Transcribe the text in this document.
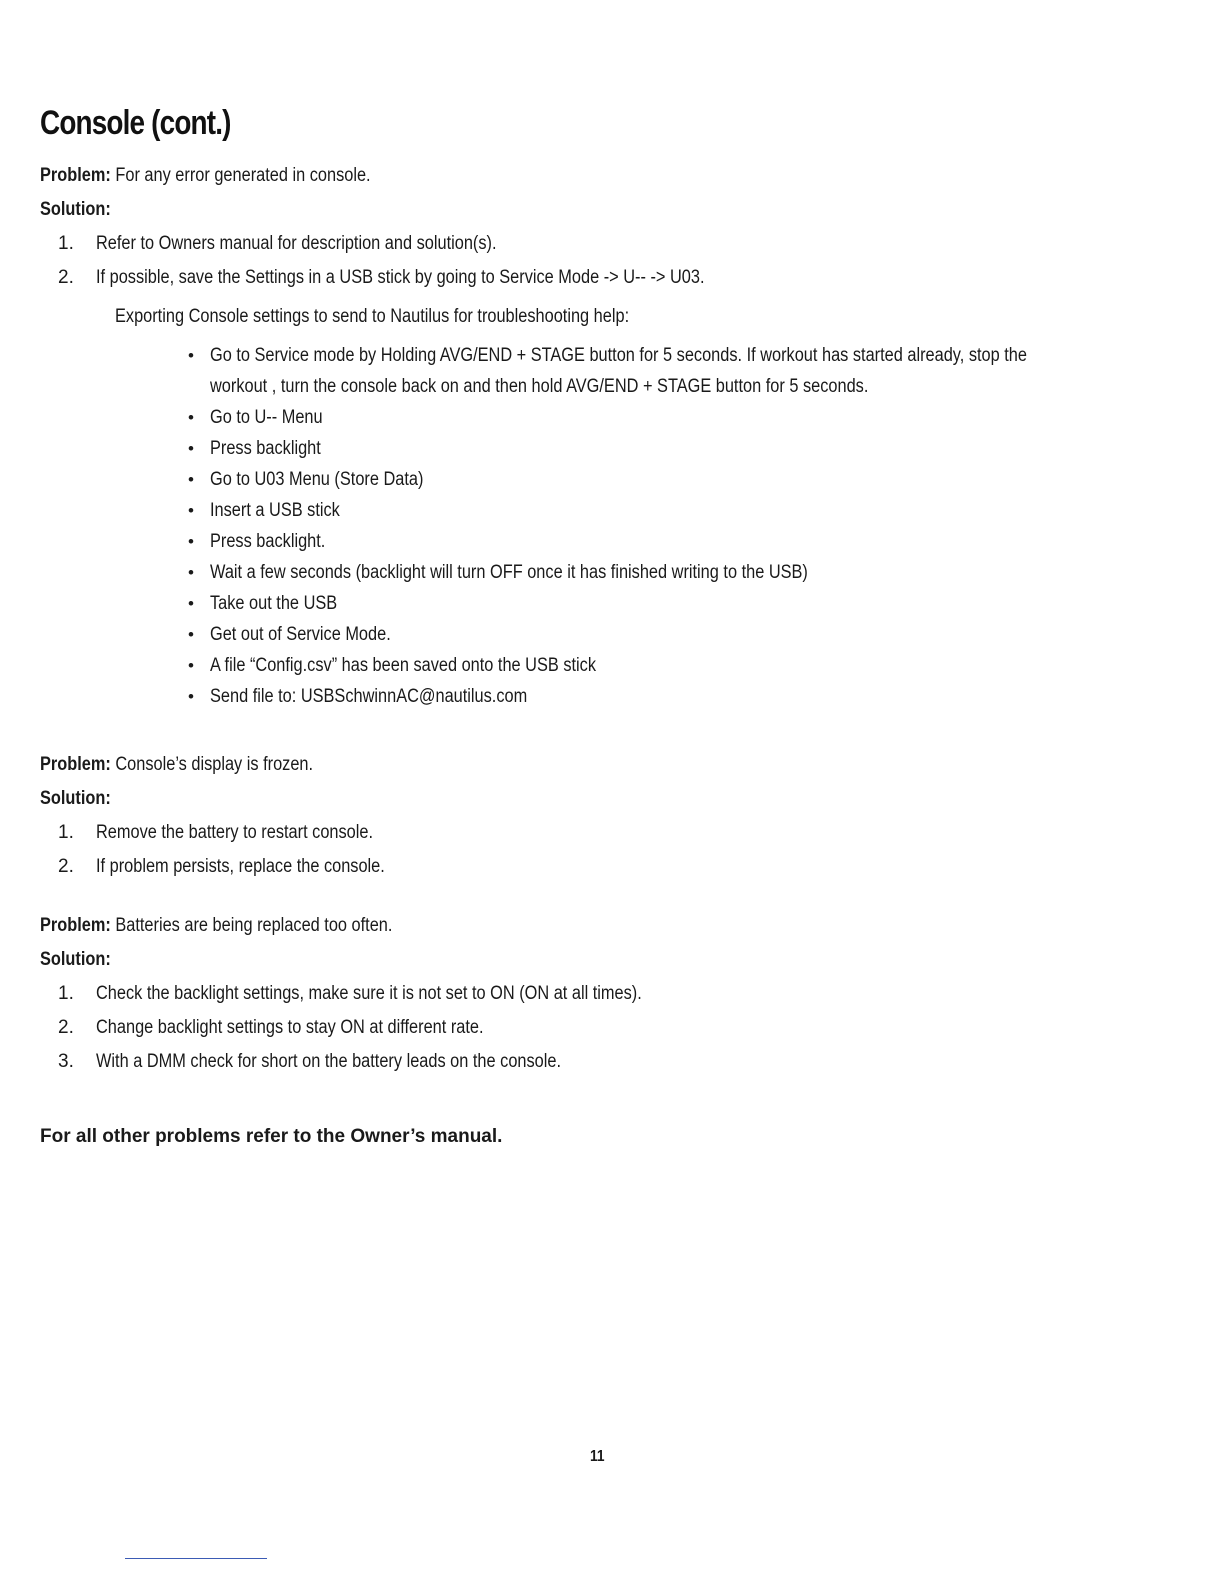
Console (cont.)
Problem: For any error generated in console.
Solution:
1. Refer to Owners manual for description and solution(s).
2. If possible, save the Settings in a USB stick by going to Service Mode -> U-- -> U03.
Exporting Console settings to send to Nautilus for troubleshooting help:
• Go to Service mode by Holding AVG/END + STAGE button for 5 seconds. If workout has started already, stop the
workout , turn the console back on and then hold AVG/END + STAGE button for 5 seconds.
• Go to U-- Menu
• Press backlight
• Go to U03 Menu (Store Data)
• Insert a USB stick
• Press backlight.
• Wait a few seconds (backlight will turn OFF once it has finished writing to the USB)
• Take out the USB
• Get out of Service Mode.
• A file “Config.csv” has been saved onto the USB stick
• Send file to: USBSchwinnAC@nautilus.com
Problem: Console’s display is frozen.
Solution:
1. Remove the battery to restart console.
2. If problem persists, replace the console.
Problem: Batteries are being replaced too often.
Solution:
1. Check the backlight settings, make sure it is not set to ON (ON at all times).
2. Change backlight settings to stay ON at different rate.
3. With a DMM check for short on the battery leads on the console.
For all other problems refer to the Owner’s manual.
11
